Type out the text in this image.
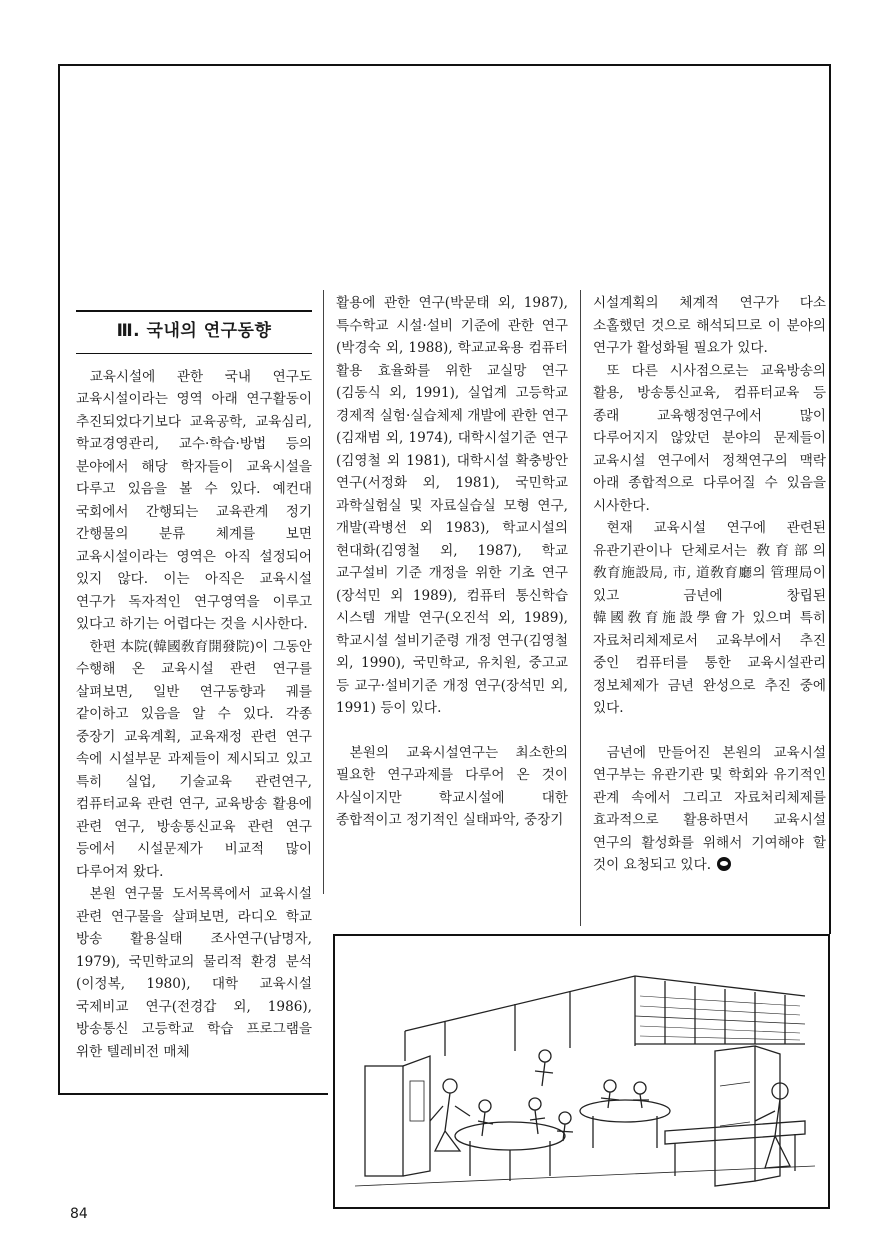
Ⅲ. 국내의 연구동향

교육시설에 관한 국내 연구도 교육시설이라는 영역 아래 연구활동이 추진되었다기보다 교육공학, 교육심리, 학교경영관리, 교수·학습·방법 등의 분야에서 해당 학자들이 교육시설을 다루고 있음을 볼 수 있다. 예컨대 국회에서 간행되는 교육관계 정기 간행물의 분류 체계를 보면 교육시설이라는 영역은 아직 설정되어 있지 않다. 이는 아직은 교육시설 연구가 독자적인 연구영역을 이루고 있다고 하기는 어렵다는 것을 시사한다.

한편 本院(韓國敎育開發院)이 그동안 수행해 온 교육시설 관련 연구를 살펴보면, 일반 연구동향과 궤를 같이하고 있음을 알 수 있다. 각종 중장기 교육계획, 교육재정 관련 연구 속에 시설부문 과제들이 제시되고 있고 특히 실업, 기술교육 관련연구, 컴퓨터교육 관련 연구, 교육방송 활용에 관련 연구, 방송통신교육 관련 연구 등에서 시설문제가 비교적 많이 다루어져 왔다.

본원 연구물 도서목록에서 교육시설 관련 연구물을 살펴보면, 라디오 학교 방송 활용실태 조사연구(남명자, 1979), 국민학교의 물리적 환경 분석(이정복, 1980), 대학 교육시설 국제비교 연구(전경갑 외, 1986), 방송통신 고등학교 학습 프로그램을 위한 텔레비전 매체

활용에 관한 연구(박문태 외, 1987), 특수학교 시설·설비 기준에 관한 연구(박경숙 외, 1988), 학교교육용 컴퓨터 활용 효율화를 위한 교실망 연구(김동식 외, 1991), 실업계 고등학교 경제적 실험·실습체제 개발에 관한 연구(김재범 외, 1974), 대학시설기준 연구(김영철 외 1981), 대학시설 확충방안 연구(서정화 외, 1981), 국민학교 과학실험실 및 자료실습실 모형 연구, 개발(곽병선 외 1983), 학교시설의 현대화(김영철 외, 1987), 학교 교구설비 기준 개정을 위한 기초 연구(장석민 외 1989), 컴퓨터 통신학습 시스템 개발 연구(오진석 외, 1989), 학교시설 설비기준령 개정 연구(김영철 외, 1990), 국민학교, 유치원, 중고교 등 교구·설비기준 개정 연구(장석민 외, 1991) 등이 있다.

본원의 교육시설연구는 최소한의 필요한 연구과제를 다루어 온 것이 사실이지만 학교시설에 대한 종합적이고 정기적인 실태파악, 중장기

시설계획의 체계적 연구가 다소 소홀했던 것으로 해석되므로 이 분야의 연구가 활성화될 필요가 있다.

또 다른 시사점으로는 교육방송의 활용, 방송통신교육, 컴퓨터교육 등 종래 교육행정연구에서 많이 다루어지지 않았던 분야의 문제들이 교육시설 연구에서 정책연구의 맥락 아래 종합적으로 다루어질 수 있음을 시사한다.

현재 교육시설 연구에 관련된 유관기관이나 단체로서는 敎育部의 敎育施設局, 市, 道敎育廳의 管理局이 있고 금년에 창립된 韓國敎育施設學會가 있으며 특히 자료처리체제로서 교육부에서 추진 중인 컴퓨터를 통한 교육시설관리 정보체제가 금년 완성으로 추진 중에 있다.

금년에 만들어진 본원의 교육시설 연구부는 유관기관 및 학회와 유기적인 관계 속에서 그리고 자료처리체제를 효과적으로 활용하면서 교육시설 연구의 활성화를 위해서 기여해야 할 것이 요청되고 있다.

84
